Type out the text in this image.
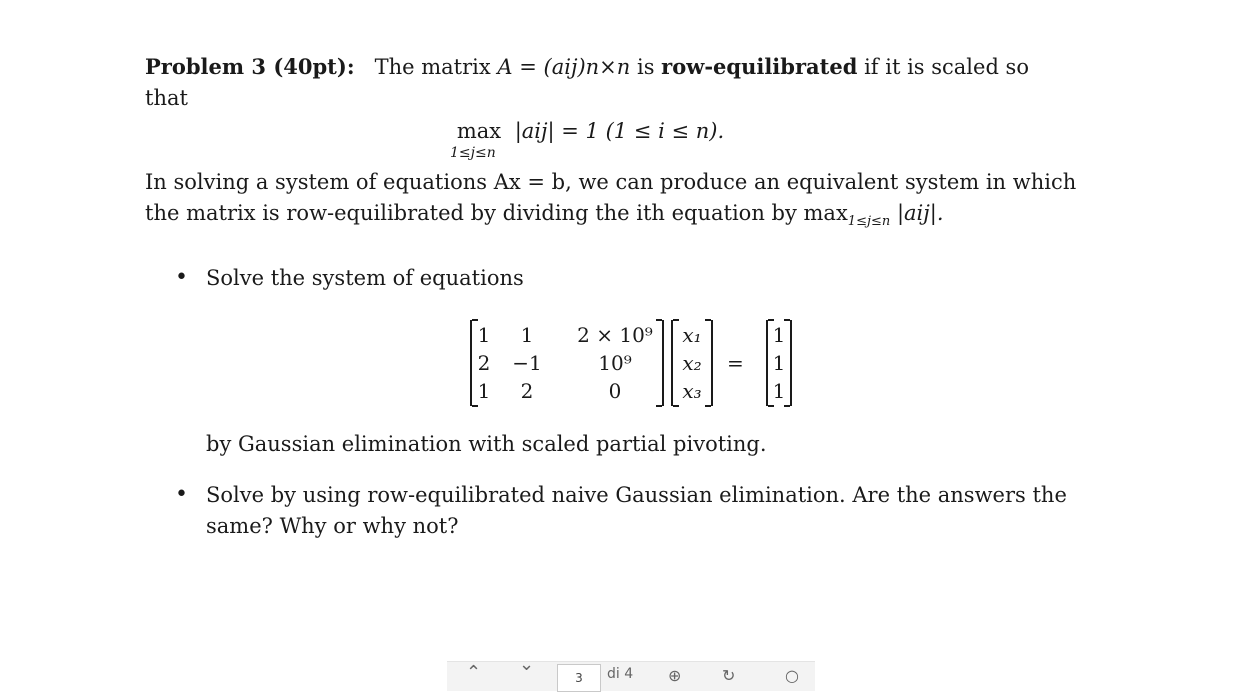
Problem 3 (40pt): The matrix A = (aij)n×n is row-equilibrated if it is scaled so
that
max
1≤j≤n
|aij| = 1 (1 ≤ i ≤ n).
In solving a system of equations Ax = b, we can produce an equivalent system in which
the matrix is row-equilibrated by dividing the ith equation by $\max_{1\le j\le n} |aij|$.
• Solve the system of equations
1	1	2 × 10⁹
2	−1	10⁹
1	2	0
x₁
x₂
x₃
=
1
1
1
by Gaussian elimination with scaled partial pivoting.
• Solve by using row-equilibrated naive Gaussian elimination. Are the answers the
same? Why or why not?
⌃ ⌄
3	di 4 ⊕	↻	○
